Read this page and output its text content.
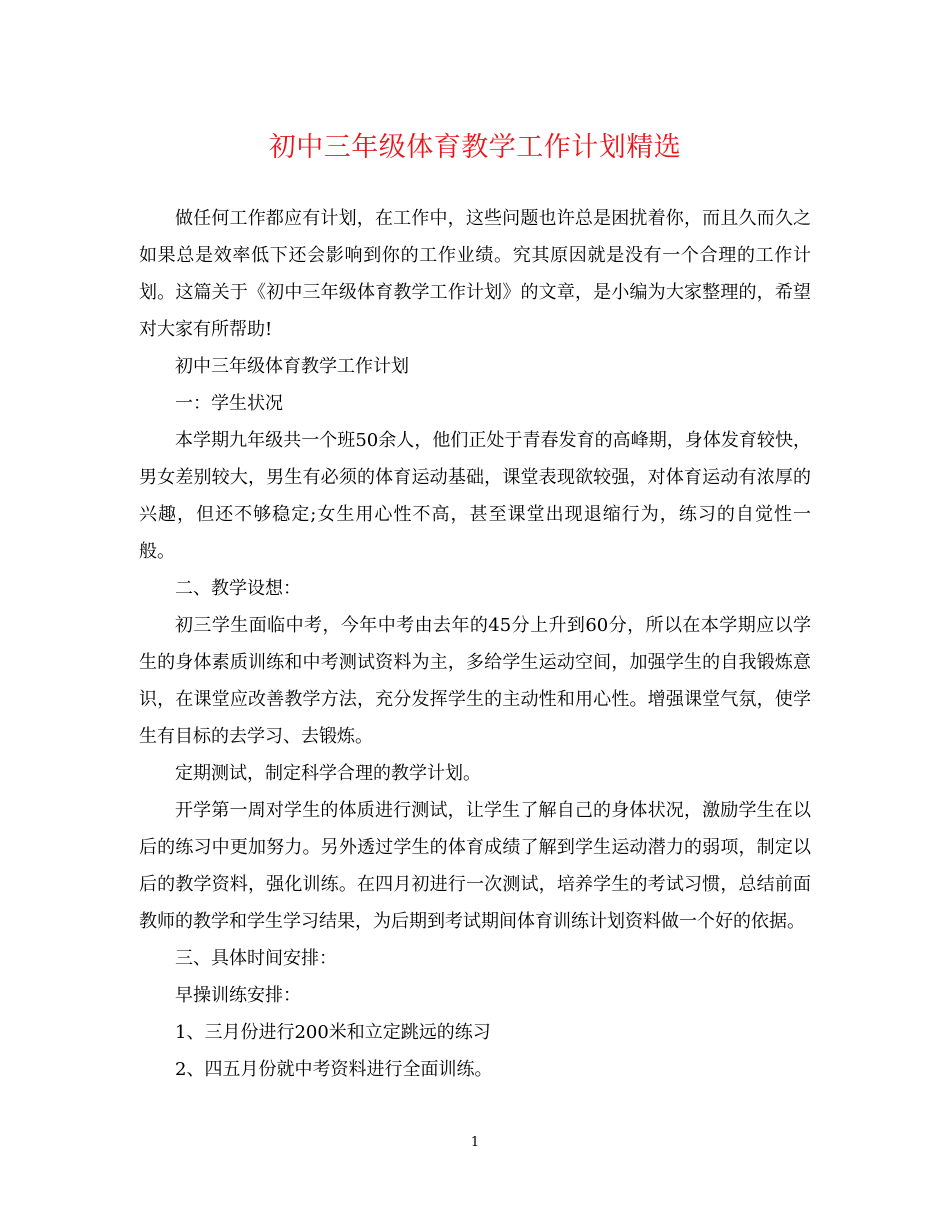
初中三年级体育教学工作计划精选

做任何工作都应有计划，在工作中，这些问题也许总是困扰着你，而且久而久之如果总是效率低下还会影响到你的工作业绩。究其原因就是没有一个合理的工作计划。这篇关于《初中三年级体育教学工作计划》的文章，是小编为大家整理的，希望对大家有所帮助!

初中三年级体育教学工作计划

一：学生状况

本学期九年级共一个班50余人，他们正处于青春发育的高峰期，身体发育较快，男女差别较大，男生有必须的体育运动基础，课堂表现欲较强，对体育运动有浓厚的兴趣，但还不够稳定;女生用心性不高，甚至课堂出现退缩行为，练习的自觉性一般。

二、教学设想：

初三学生面临中考，今年中考由去年的45分上升到60分，所以在本学期应以学生的身体素质训练和中考测试资料为主，多给学生运动空间，加强学生的自我锻炼意识，在课堂应改善教学方法，充分发挥学生的主动性和用心性。增强课堂气氛，使学生有目标的去学习、去锻炼。

定期测试，制定科学合理的教学计划。

开学第一周对学生的体质进行测试，让学生了解自己的身体状况，激励学生在以后的练习中更加努力。另外透过学生的体育成绩了解到学生运动潜力的弱项，制定以后的教学资料，强化训练。在四月初进行一次测试，培养学生的考试习惯，总结前面教师的教学和学生学习结果，为后期到考试期间体育训练计划资料做一个好的依据。

三、具体时间安排：

早操训练安排：

1、三月份进行200米和立定跳远的练习

2、四五月份就中考资料进行全面训练。

1
